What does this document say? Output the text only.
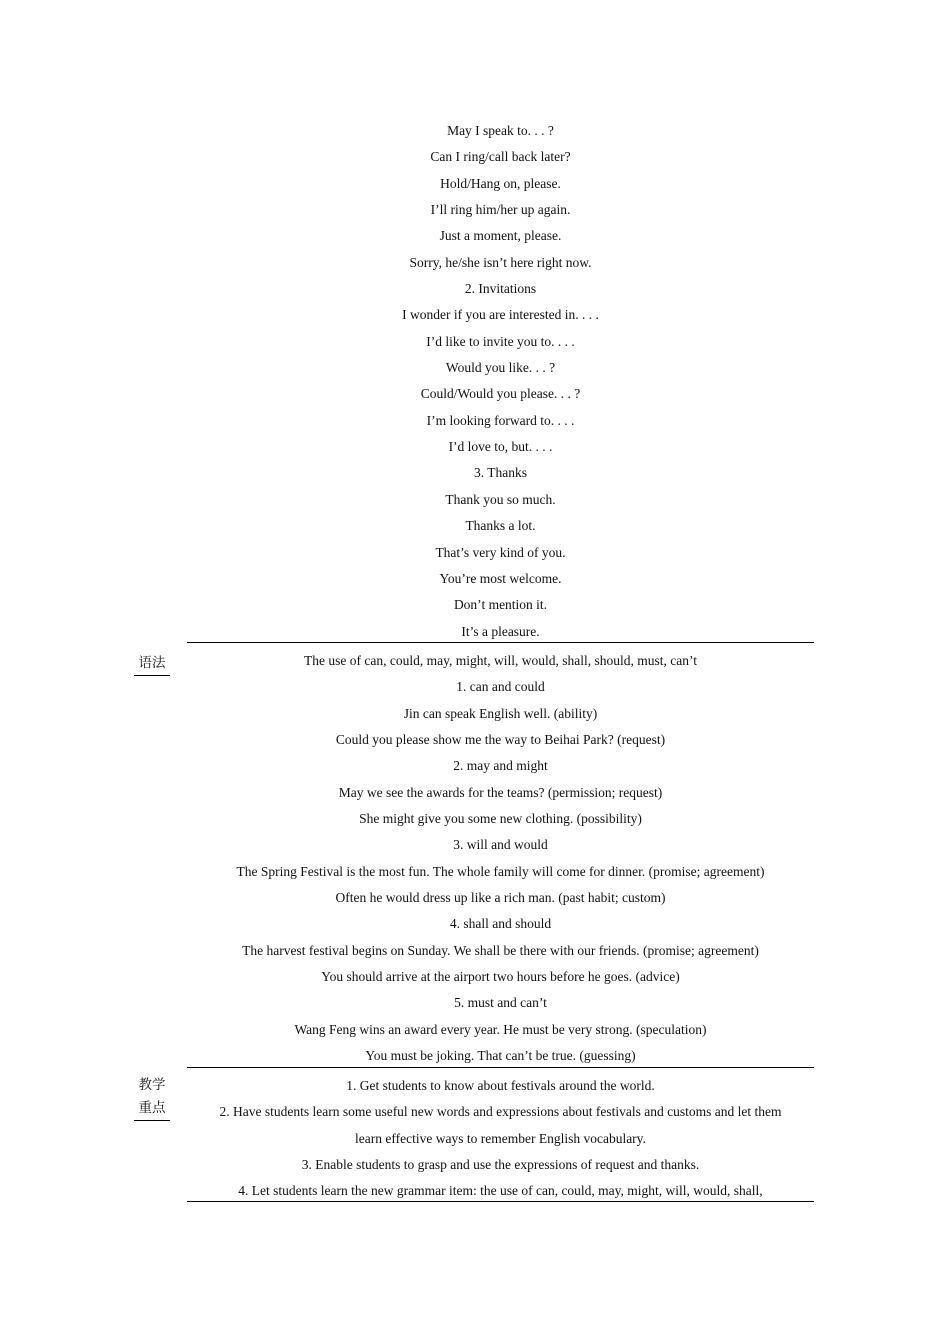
May I speak to. . . ?
Can I ring/call back later?
Hold/Hang on, please.
I’ll ring him/her up again.
Just a moment, please.
Sorry, he/she isn’t here right now.
2. Invitations
I wonder if you are interested in. . . .
I’d like to invite you to. . . .
Would you like. . . ?
Could/Would you please. . . ?
I’m looking forward to. . . .
I’d love to, but. . . .
3. Thanks
Thank you so much.
Thanks a lot.
That’s very kind of you.
You’re most welcome.
Don’t mention it.
It’s a pleasure.
语法	The use of can, could, may, might, will, would, shall, should, must, can’t
1. can and could
Jin can speak English well. (ability)
Could you please show me the way to Beihai Park? (request)
2. may and might
May we see the awards for the teams? (permission; request)
She might give you some new clothing. (possibility)
3. will and would
The Spring Festival is the most fun. The whole family will come for dinner. (promise; agreement)
Often he would dress up like a rich man. (past habit; custom)
4. shall and should
The harvest festival begins on Sunday. We shall be there with our friends. (promise; agreement)
You should arrive at the airport two hours before he goes. (advice)
5. must and can’t
Wang Feng wins an award every year. He must be very strong. (speculation)
You must be joking. That can’t be true. (guessing)
教学
重点
1. Get students to know about festivals around the world.
2. Have students learn some useful new words and expressions about festivals and customs and let them
learn effective ways to remember English vocabulary.
3. Enable students to grasp and use the expressions of request and thanks.
4. Let students learn the new grammar item: the use of can, could, may, might, will, would, shall,
